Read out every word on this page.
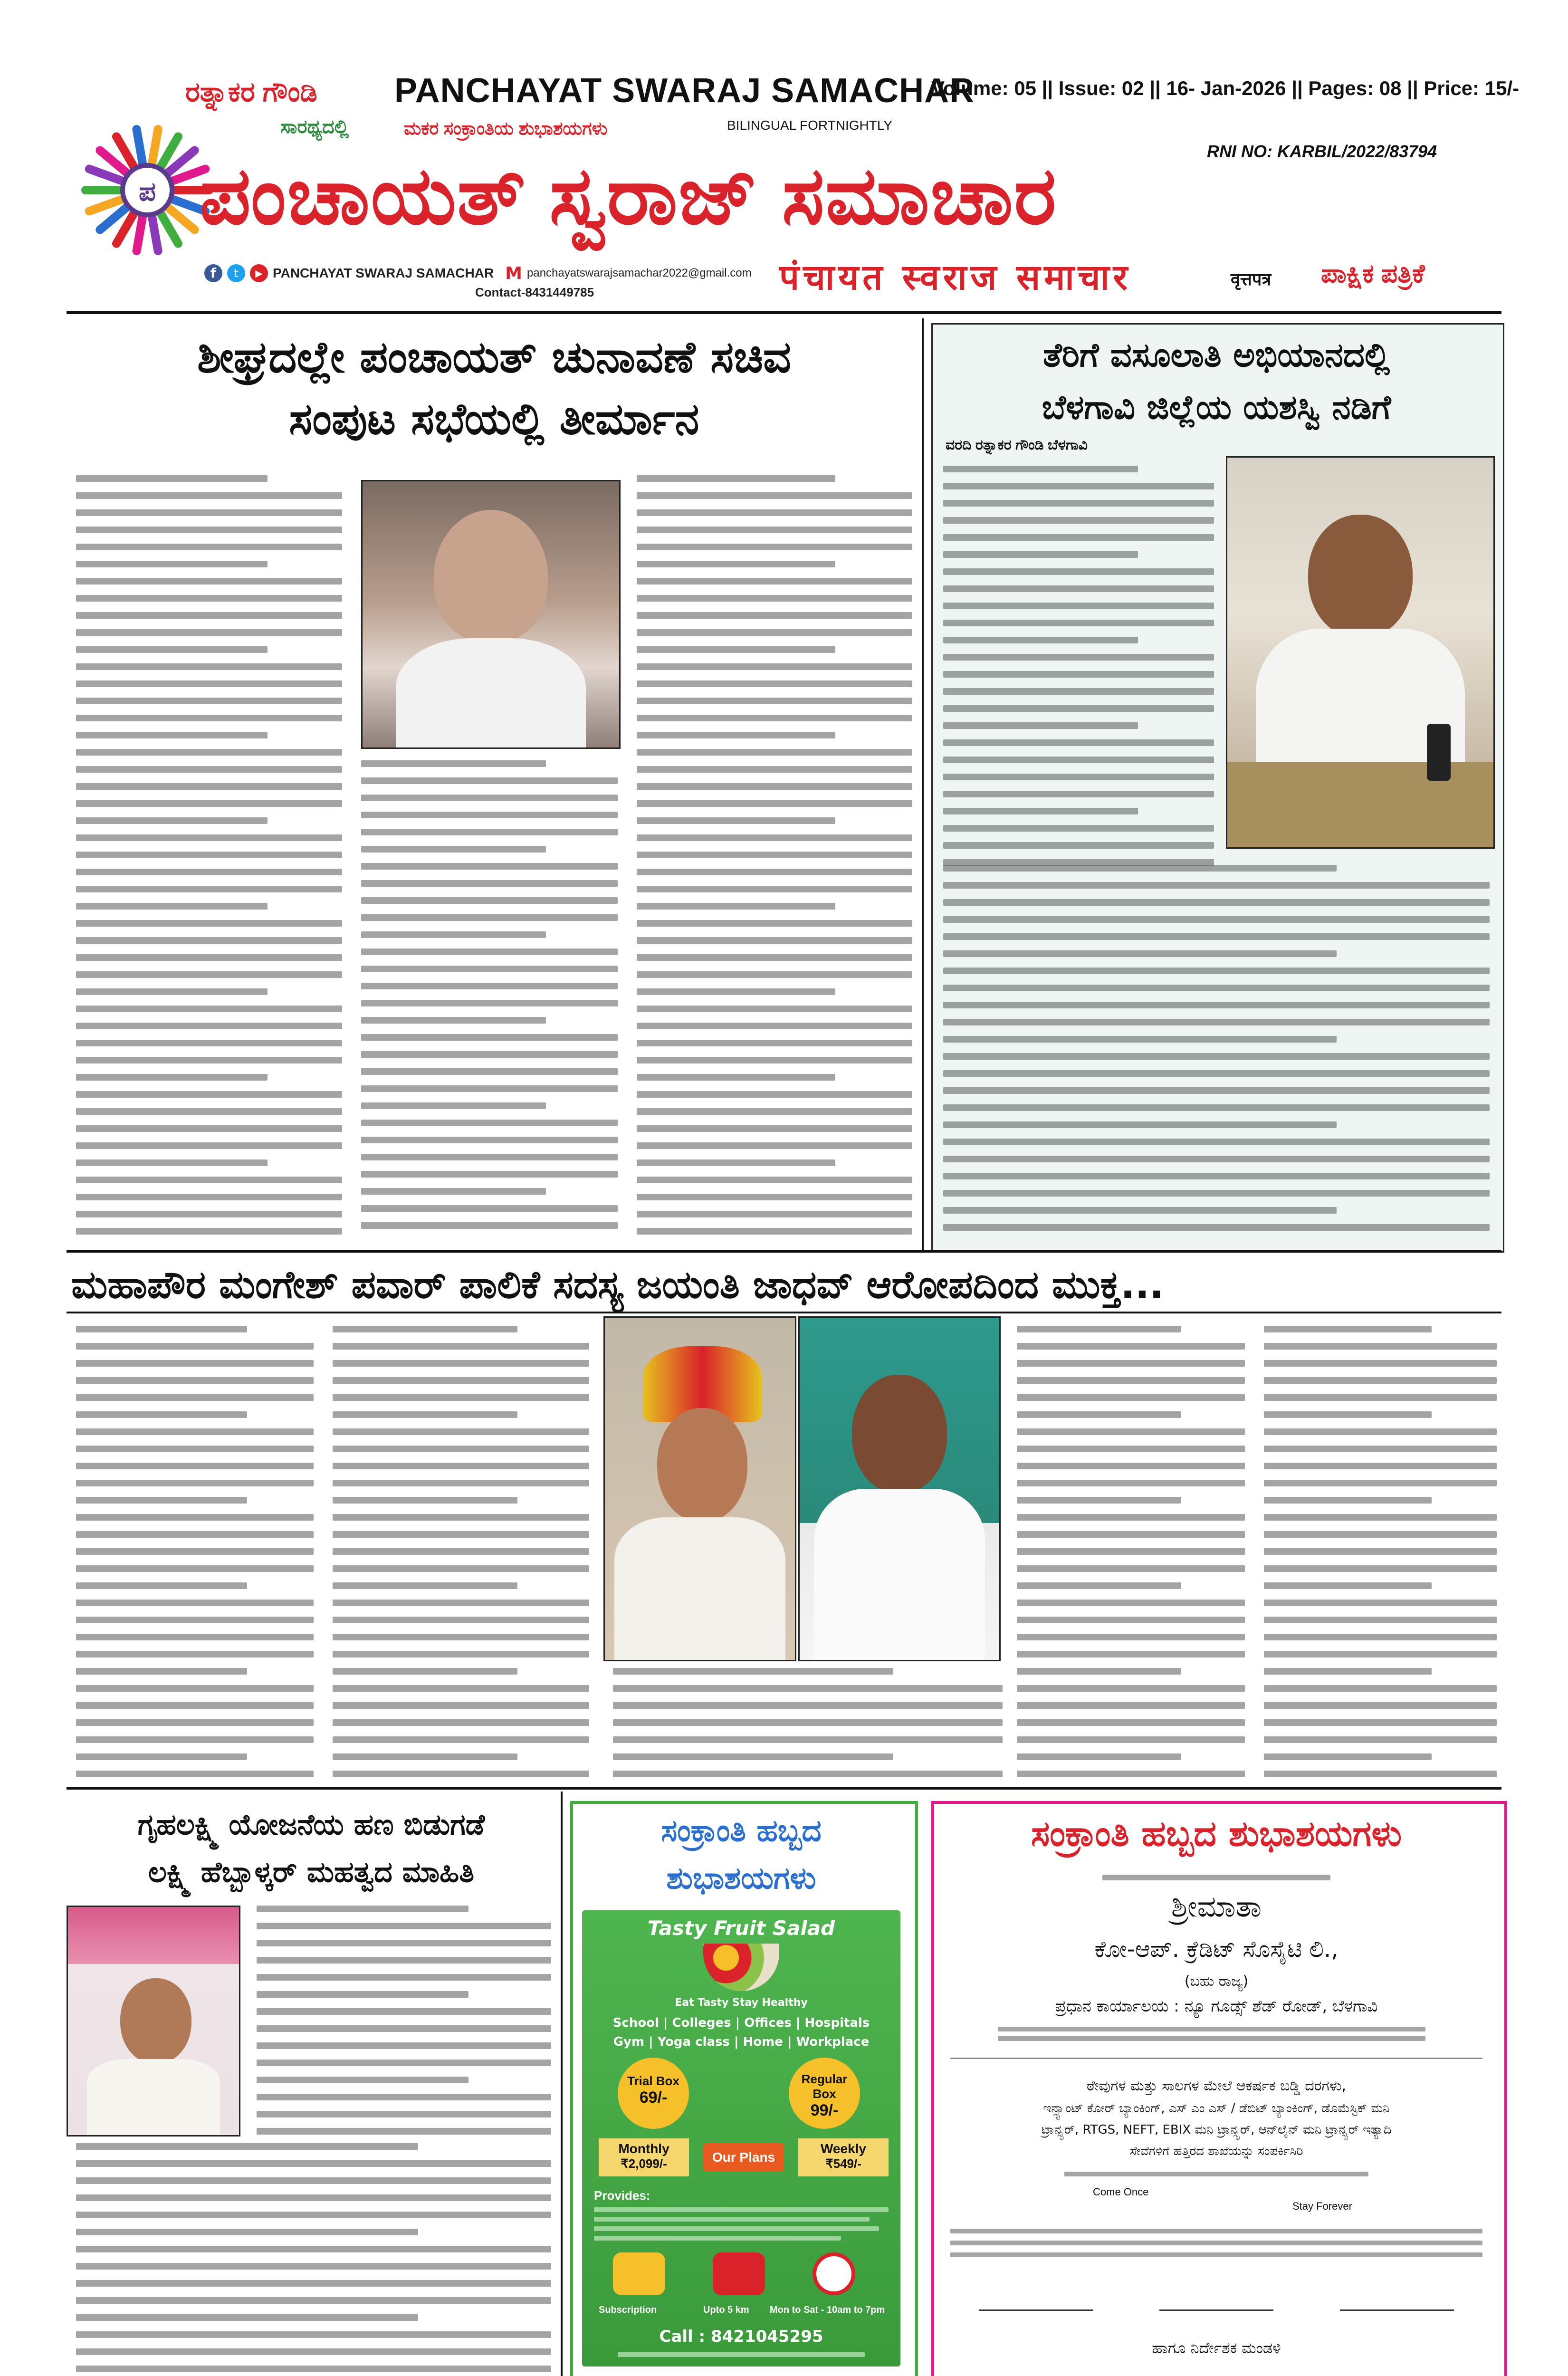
ಪ
ರತ್ನಾಕರ ಗೌಂಡಿ
ಸಾರಥ್ಯದಲ್ಲಿ
PANCHAYAT SWARAJ SAMACHAR
ಮಕರ ಸಂಕ್ರಾಂತಿಯ ಶುಭಾಶಯಗಳು	BILINGUAL FORTNIGHTLY
Volume: 05 || Issue: 02 || 16- Jan-2026 || Pages: 08 || Price: 15/-
RNI NO: KARBIL/2022/83794
ಪಂಚಾಯತ್ ಸ್ವರಾಜ್ ಸಮಾಚಾರ
पंचायत स्वराज समाचार	वृत्तपत्र ಪಾಕ್ಷಿಕ ಪತ್ರಿಕೆ
f	t	▶ PANCHAYAT SWARAJ SAMACHAR M panchayatswarajsamachar2022@gmail.com
Contact-8431449785
ಶೀಘ್ರದಲ್ಲೇ ಪಂಚಾಯತ್ ಚುನಾವಣೆ ಸಚಿವ
ಸಂಪುಟ ಸಭೆಯಲ್ಲಿ ತೀರ್ಮಾನ
ತೆರಿಗೆ ವಸೂಲಾತಿ ಅಭಿಯಾನದಲ್ಲಿ
ಬೆಳಗಾವಿ ಜಿಲ್ಲೆಯ ಯಶಸ್ವಿ ನಡಿಗೆ
ವರದಿ ರತ್ನಾಕರ ಗೌಂಡಿ ಬೆಳಗಾವಿ
ಮಹಾಪೌರ ಮಂಗೇಶ್ ಪವಾರ್ ಪಾಲಿಕೆ ಸದಸ್ಯ ಜಯಂತಿ ಜಾಧವ್ ಆರೋಪದಿಂದ ಮುಕ್ತ...
ಗೃಹಲಕ್ಷ್ಮಿ ಯೋಜನೆಯ ಹಣ ಬಿಡುಗಡೆ
ಲಕ್ಷ್ಮಿ ಹೆಬ್ಬಾಳ್ಕರ್ ಮಹತ್ವದ ಮಾಹಿತಿ
ಸಂಕ್ರಾಂತಿ ಹಬ್ಬದ
ಶುಭಾಶಯಗಳು
Tasty Fruit Salad
Eat Tasty Stay Healthy
School | Colleges | Offices | Hospitals
Gym | Yoga class | Home | Workplace
Trial Box
69/-
Regular Box
99/-
Monthly
₹2,099/-	Our Plans
Weekly
₹549/-
Provides:
Subscription	Upto 5 km Mon to Sat - 10am to 7pm
Call : 8421045295
ಸಂಕ್ರಾಂತಿ ಹಬ್ಬದ ಶುಭಾಶಯಗಳು
ಶ್ರೀಮಾತಾ
ಕೋ-ಆಪ್. ಕ್ರೆಡಿಟ್ ಸೊಸೈಟಿ ಲಿ.,
(ಬಹು ರಾಜ್ಯ)
ಪ್ರಧಾನ ಕಾರ್ಯಾಲಯ : ನ್ಯೂ ಗೂಡ್ಸ್ ಶೆಡ್ ರೋಡ್, ಬೆಳಗಾವಿ
ಠೇವುಗಳ ಮತ್ತು ಸಾಲಗಳ ಮೇಲೆ ಆಕರ್ಷಕ ಬಡ್ಡಿ ದರಗಳು,
ಇನ್ಸ್ಟಾಂಟ್ ಕೋರ್ ಬ್ಯಾಂಕಿಂಗ್, ಎಸ್ ಎಂ ಎಸ್ / ಡೆಬಿಟ್ ಬ್ಯಾಂಕಿಂಗ್, ಡೊಮೆಸ್ಟಿಕ್ ಮನಿ
ಟ್ರಾನ್ಸ್ಫರ್, RTGS, NEFT, EBIX ಮನಿ ಟ್ರಾನ್ಸ್ಫರ್, ಆನ್‌ಲೈನ್ ಮನಿ ಟ್ರಾನ್ಸ್ಫರ್ ಇತ್ಯಾದಿ
ಸೇವೆಗಳಿಗೆ ಹತ್ತಿರದ ಶಾಖೆಯನ್ನು ಸಂಪರ್ಕಿಸಿರಿ
Come Once
Stay Forever
ಹಾಗೂ ನಿರ್ದೇಶಕ ಮಂಡಳಿ
